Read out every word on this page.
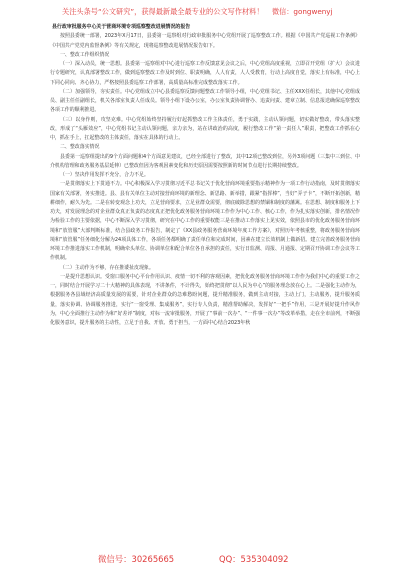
关注头条号“公文研究”，获得最新最全最专业的公文写作材料！ 微信：gongwenyj

县行政审批服务中心关于营商环境专项巡察整改进展情况的报告

按照县委统一部署，2023年X月17日，县委第一巡察组对行政审批服务中心党组开展了巡察整改工作。根据《中国共产党巡视工作条例》《中国共产党党内监督条例》等有关规定，现将巡察整改进展情况报告如下。

一、整改工作组织情况

（一）深入动员，统一思想。县委第一巡察组对中心进行巡察工作反馈意见会议之后，中心党组高度重视，立即召开党组（扩大）会议进行专题研究，认真部署整改工作，做到巡察整改工作及时到位、职责明确，人人有责，人人受教育，行动上高度自觉，落实上有标准，中心上下同心同向、齐心协力，严格按照县委巡察工作部署，高质量高标准完成整改落实工作。

（二）加强领导，夯实责任。中心党组成立中心县委巡察反馈问题整改工作领导小组，中心党组书记、主任XXX任组长，其他中心党组成员、副主任任副组长，机关各部室负责人任成员。领导小组下设办公室，办公室负责协调督办、追责问责、建章立制、信息报送确保巡察整改各项工作的顺利推进。

（三）以身作则，攻坚克难。中心党组始终坚持履行好起抓整改工作主体责任，勇于实践，主动认领问题，切实做好整改，带头落实整改，形成了“头雁效应”，中心党组书记主动认领问题，亲力亲为，站在讲政治的高度，履行整改工作“第一责任人”职责，把整改工作抓在心中，抓在手上，扛起整改的主体责任，落实在具体的行动上。

二、整改落实情况

县委第一巡察组提出的9个方面问题和4个方面意见建议，已经全部进行了整改，其中12项已整改到位，另外3项问题（三集中三到位、中介机构管理和政务服务基层延伸）已整改但因为客观因素变化和历史原因需要按照新的时间节点进行长期持续整改。

（一）坚决作用发挥不充分，合力不足。

一是贯彻落实上下贯通不力。中心积极深入学习贯彻习近平总书记关于优化营商环境重要指示精神作为一项工作行动指南，及时贯彻落实国家有关部署，务实推进。县、县有关单位主动对接营商环境的新理念、新思路、新举措，跟紧“指挥棒”，当好“弄子卡”，不断开拓创新，精耕细作，耐久为先。二是在转变观念上功夫，立足营商要求，立足业群众需要，彻底破除思想的禁锢和制度的藩篱。在思想、制度和服务上下功夫，对发展理念的对企业群众真正负责的态度真正把优化政务服务营商环境工作作为中心工作、核心工作，作为扎实落实创新，排名情况作为检验工作的主要依据，中心不断深入学习贯彻，研究在中心工作的重要权能三是在推动工作落实上见实效，依照县市的优化政务服务营商环境和“放管服”大部判断标准，结合县政务工作报告，制定了《XX县政务服务营商环境年度工作方案》，对照历年考核重整，将政务服务营商环境和“放管服”任务细化分解为24项具体工作，各项任务都明确了责任单位和完成时间，因素在建立长效机制上做新招。建立完善政务服务营商环境工作推进落实工作机制，明确牵头单位、协调单位和配合单位各自承担的责任，实行日监测、周报、月通报、定期召开协调工作会议等工作机制。

（二）主动作为不够，存在推诿扯皮现象。

一是提升思想认识。受窗口服务中心平台作用认识、疫情一切不利的客观因素，把优化政务服务营商环境工作作为我们中心的重要工作之一，同时结合开展学习二十大精神的具体表现，不讲条件，不计得失，始终把贯彻“以人民为中心”的服务理念放在心上。二是强化主动作为，根据服务各县域经济高质量发展的需要，针对企业群众的急难愁盼问题，提升精准服务，做到主动对接，主动上门，主动服务，提升服务质量，落实协调、协调服务推进，实行“一窗受理、集成服务”，实行专人负责，精准帮助解决，发挥好“一把手”作用，三是开展好提升作风作为，中心全面推行主动作为和“好差评”制度，对标一流审批服务，开展了“事前一次办”、“一件事一次办”等改革举措，走在全市前列，不断强化服务意识，提升服务的主动性，立足于自我、开放、勇于担当，一方面中心结合2023年秋

微信号：30265665	QQ：535304092
